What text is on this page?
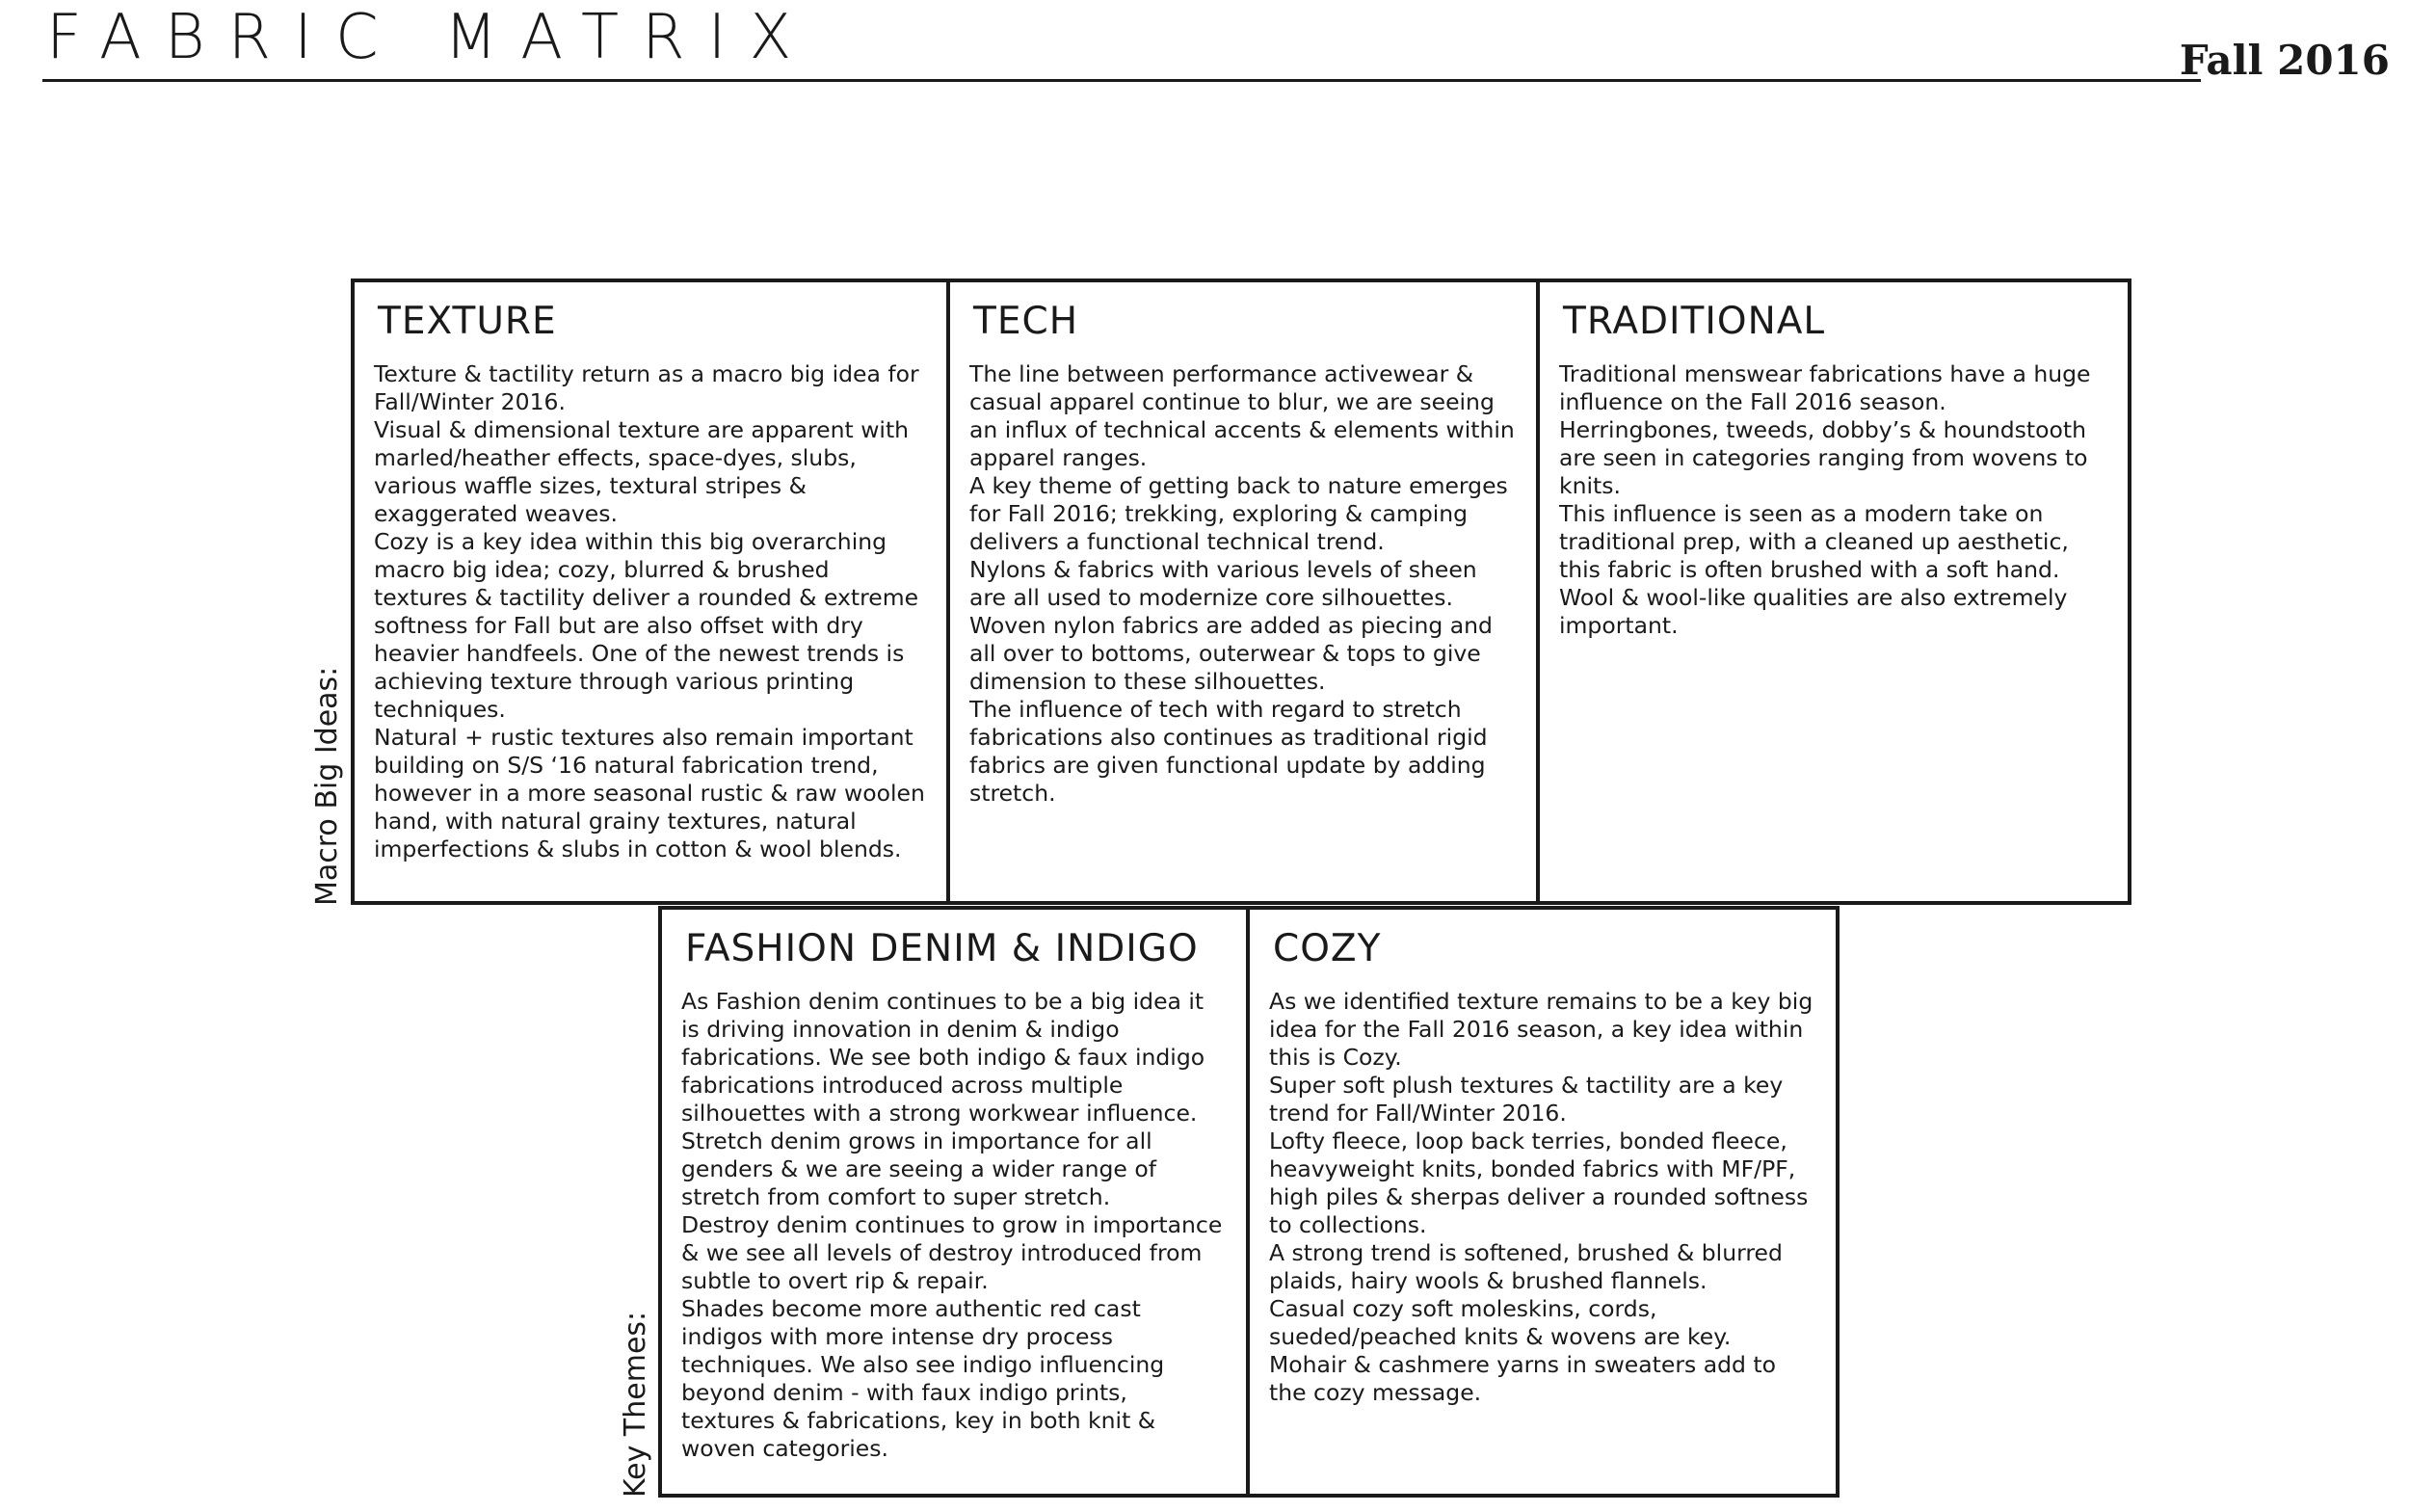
FABRIC MATRIX	Fall 2016
Macro Big Ideas:
Key Themes:
TEXTURE
Texture & tactility return as a macro big idea for Fall/Winter 2016.
Visual & dimensional texture are apparent with marled/heather effects, space-dyes, slubs, various waffle sizes, textural stripes & exaggerated weaves.
Cozy is a key idea within this big overarching macro big idea; cozy, blurred & brushed textures & tactility deliver a rounded & extreme softness for Fall but are also offset with dry heavier handfeels. One of the newest trends is achieving texture through various printing techniques.
Natural + rustic textures also remain important building on S/S ‘16 natural fabrication trend, however in a more seasonal rustic & raw woolen hand, with natural grainy textures, natural imperfections & slubs in cotton & wool blends.
TECH
The line between performance activewear & casual apparel continue to blur, we are seeing an influx of technical accents & elements within apparel ranges.
A key theme of getting back to nature emerges for Fall 2016; trekking, exploring & camping delivers a functional technical trend.
Nylons & fabrics with various levels of sheen are all used to modernize core silhouettes.
Woven nylon fabrics are added as piecing and all over to bottoms, outerwear & tops to give dimension to these silhouettes.
The influence of tech with regard to stretch fabrications also continues as traditional rigid fabrics are given functional update by adding stretch.
TRADITIONAL
Traditional menswear fabrications have a huge influence on the Fall 2016 season.
Herringbones, tweeds, dobby’s & houndstooth are seen in categories ranging from wovens to knits.
This influence is seen as a modern take on traditional prep, with a cleaned up aesthetic, this fabric is often brushed with a soft hand.
Wool & wool-like qualities are also extremely important.
FASHION DENIM & INDIGO
As Fashion denim continues to be a big idea it is driving innovation in denim & indigo fabrications. We see both indigo & faux indigo fabrications introduced across multiple silhouettes with a strong workwear influence.
Stretch denim grows in importance for all genders & we are seeing a wider range of stretch from comfort to super stretch.
Destroy denim continues to grow in importance & we see all levels of destroy introduced from subtle to overt rip & repair.
Shades become more authentic red cast indigos with more intense dry process techniques. We also see indigo influencing beyond denim - with faux indigo prints, textures & fabrications, key in both knit & woven categories.
COZY
As we identified texture remains to be a key big idea for the Fall 2016 season, a key idea within this is Cozy.
Super soft plush textures & tactility are a key trend for Fall/Winter 2016.
Lofty fleece, loop back terries, bonded fleece, heavyweight knits, bonded fabrics with MF/PF, high piles & sherpas deliver a rounded softness to collections.
A strong trend is softened, brushed & blurred plaids, hairy wools & brushed flannels.
Casual cozy soft moleskins, cords, sueded/peached knits & wovens are key.
Mohair & cashmere yarns in sweaters add to the cozy message.
